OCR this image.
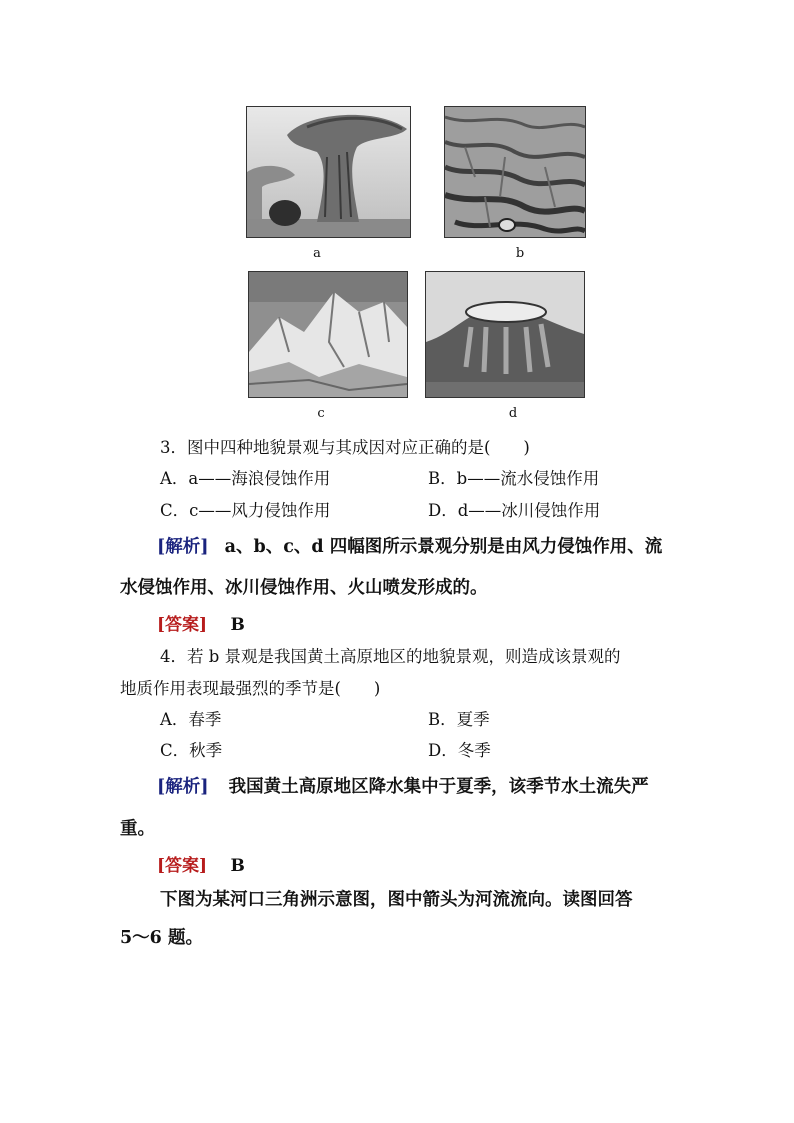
a	b
c	d
3．图中四种地貌景观与其成因对应正确的是(　　)
A．a——海浪侵蚀作用	B．b——流水侵蚀作用
C．c——风力侵蚀作用	D．d——冰川侵蚀作用
[解析] a、b、c、d 四幅图所示景观分别是由风力侵蚀作用、流
水侵蚀作用、冰川侵蚀作用、火山喷发形成的。
[答案] B
4．若 b 景观是我国黄土高原地区的地貌景观，则造成该景观的
地质作用表现最强烈的季节是(　　)
A．春季	B．夏季
C．秋季	D．冬季
[解析] 我国黄土高原地区降水集中于夏季，该季节水土流失严
重。
[答案] B
下图为某河口三角洲示意图，图中箭头为河流流向。读图回答
5～6 题。
